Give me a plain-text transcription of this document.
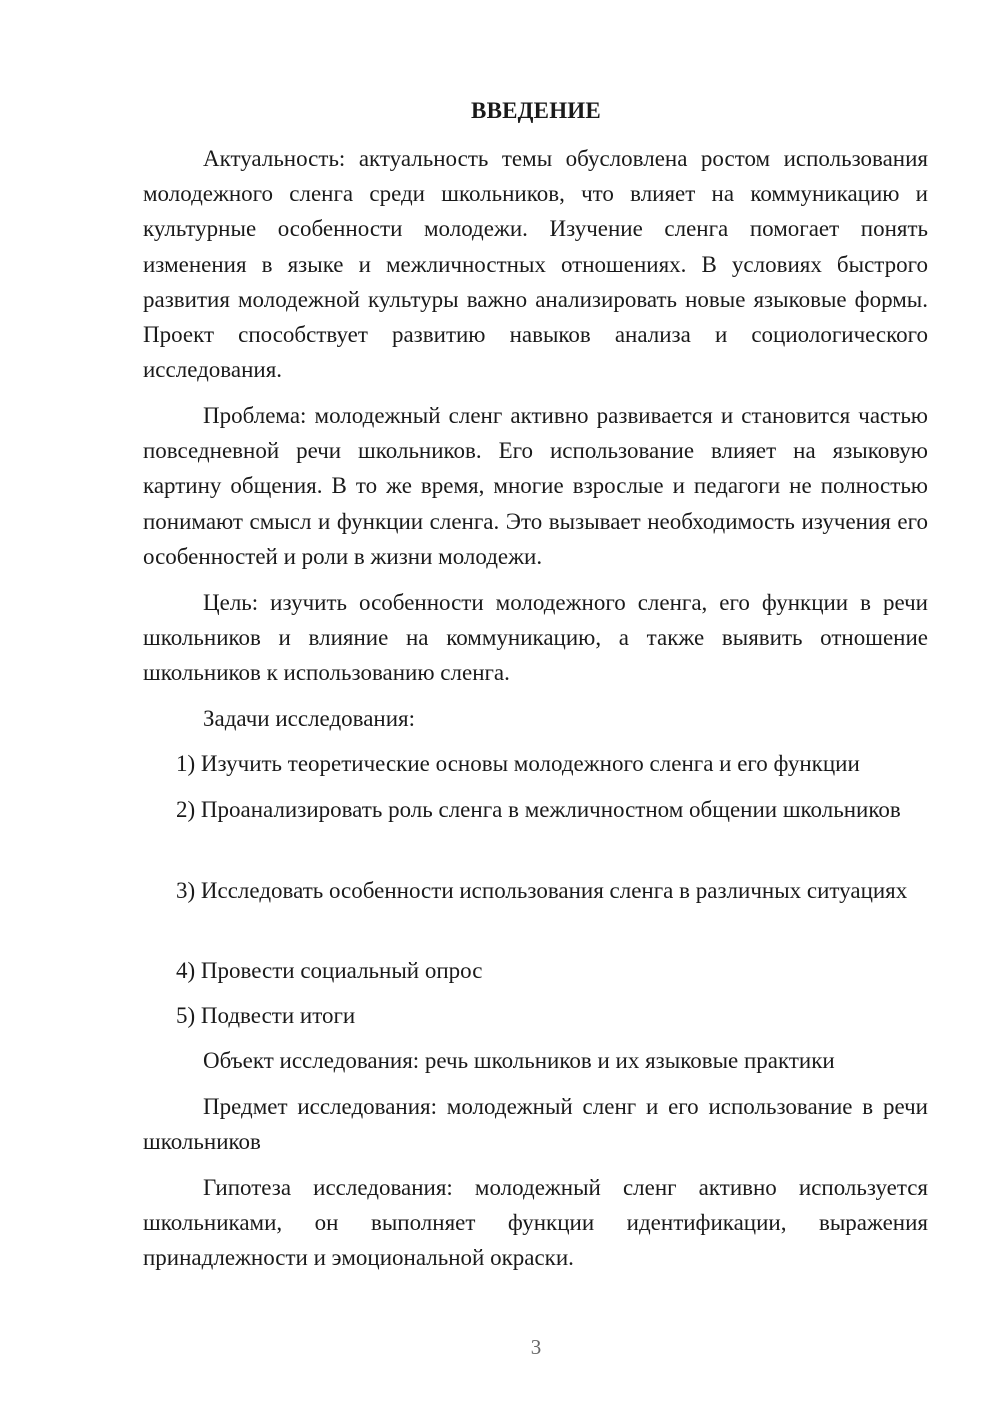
ВВЕДЕНИЕ

Актуальность: актуальность темы обусловлена ростом использования молодежного сленга среди школьников, что влияет на коммуникацию и культурные особенности молодежи. Изучение сленга помогает понять изменения в языке и межличностных отношениях. В условиях быстрого развития молодежной культуры важно анализировать новые языковые формы. Проект способствует развитию навыков анализа и социологического исследования.

Проблема: молодежный сленг активно развивается и становится частью повседневной речи школьников. Его использование влияет на языковую картину общения. В то же время, многие взрослые и педагоги не полностью понимают смысл и функции сленга. Это вызывает необходимость изучения его особенностей и роли в жизни молодежи.

Цель: изучить особенности молодежного сленга, его функции в речи школьников и влияние на коммуникацию, а также выявить отношение школьников к использованию сленга.

Задачи исследования:

1) Изучить теоретические основы молодежного сленга и его функции

2) Проанализировать роль сленга в межличностном общении школьников

3) Исследовать особенности использования сленга в различных ситуациях

4) Провести социальный опрос

5) Подвести итоги

Объект исследования: речь школьников и их языковые практики

Предмет исследования: молодежный сленг и его использование в речи школьников

Гипотеза исследования: молодежный сленг активно используется школьниками, он выполняет функции идентификации, выражения принадлежности и эмоциональной окраски.

3
